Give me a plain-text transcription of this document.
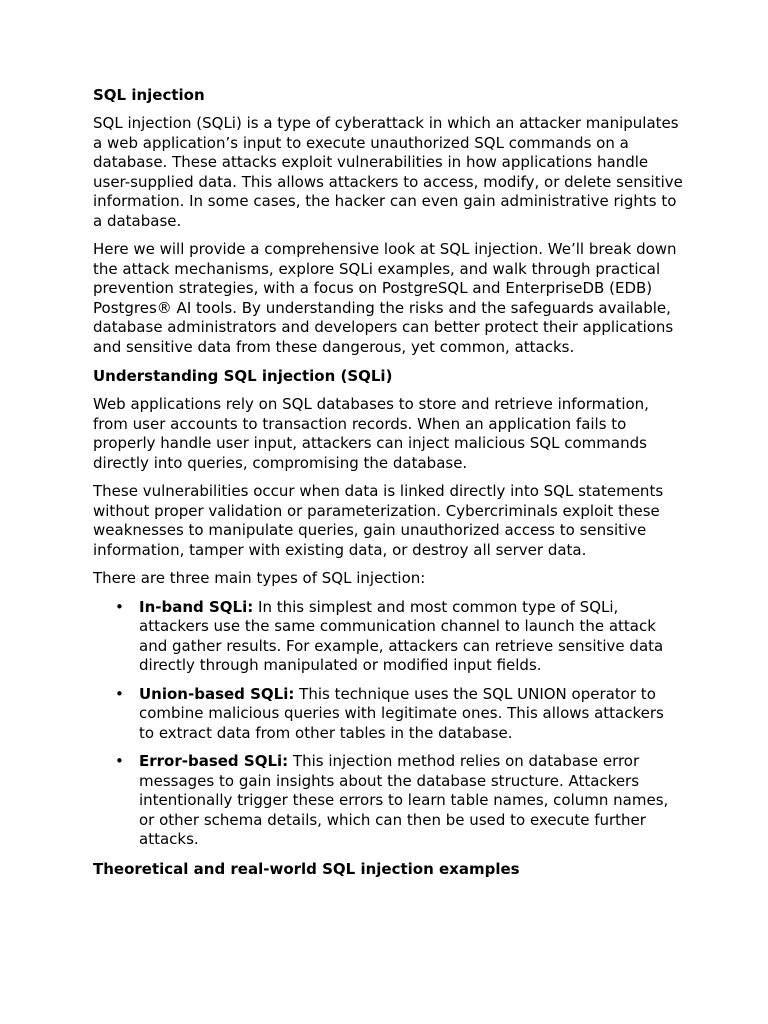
SQL injection

SQL injection (SQLi) is a type of cyberattack in which an attacker manipulates a web application’s input to execute unauthorized SQL commands on a database. These attacks exploit vulnerabilities in how applications handle user-supplied data. This allows attackers to access, modify, or delete sensitive information. In some cases, the hacker can even gain administrative rights to a database.

Here we will provide a comprehensive look at SQL injection. We’ll break down the attack mechanisms, explore SQLi examples, and walk through practical prevention strategies, with a focus on PostgreSQL and EnterpriseDB (EDB) Postgres® AI tools. By understanding the risks and the safeguards available, database administrators and developers can better protect their applications and sensitive data from these dangerous, yet common, attacks.

Understanding SQL injection (SQLi)

Web applications rely on SQL databases to store and retrieve information, from user accounts to transaction records. When an application fails to properly handle user input, attackers can inject malicious SQL commands directly into queries, compromising the database.

These vulnerabilities occur when data is linked directly into SQL statements without proper validation or parameterization. Cybercriminals exploit these weaknesses to manipulate queries, gain unauthorized access to sensitive information, tamper with existing data, or destroy all server data.

There are three main types of SQL injection:

• In-band SQLi: In this simplest and most common type of SQLi, attackers use the same communication channel to launch the attack and gather results. For example, attackers can retrieve sensitive data directly through manipulated or modified input fields.
• Union-based SQLi: This technique uses the SQL UNION operator to combine malicious queries with legitimate ones. This allows attackers to extract data from other tables in the database.
• Error-based SQLi: This injection method relies on database error messages to gain insights about the database structure. Attackers intentionally trigger these errors to learn table names, column names, or other schema details, which can then be used to execute further attacks.
Theoretical and real-world SQL injection examples
